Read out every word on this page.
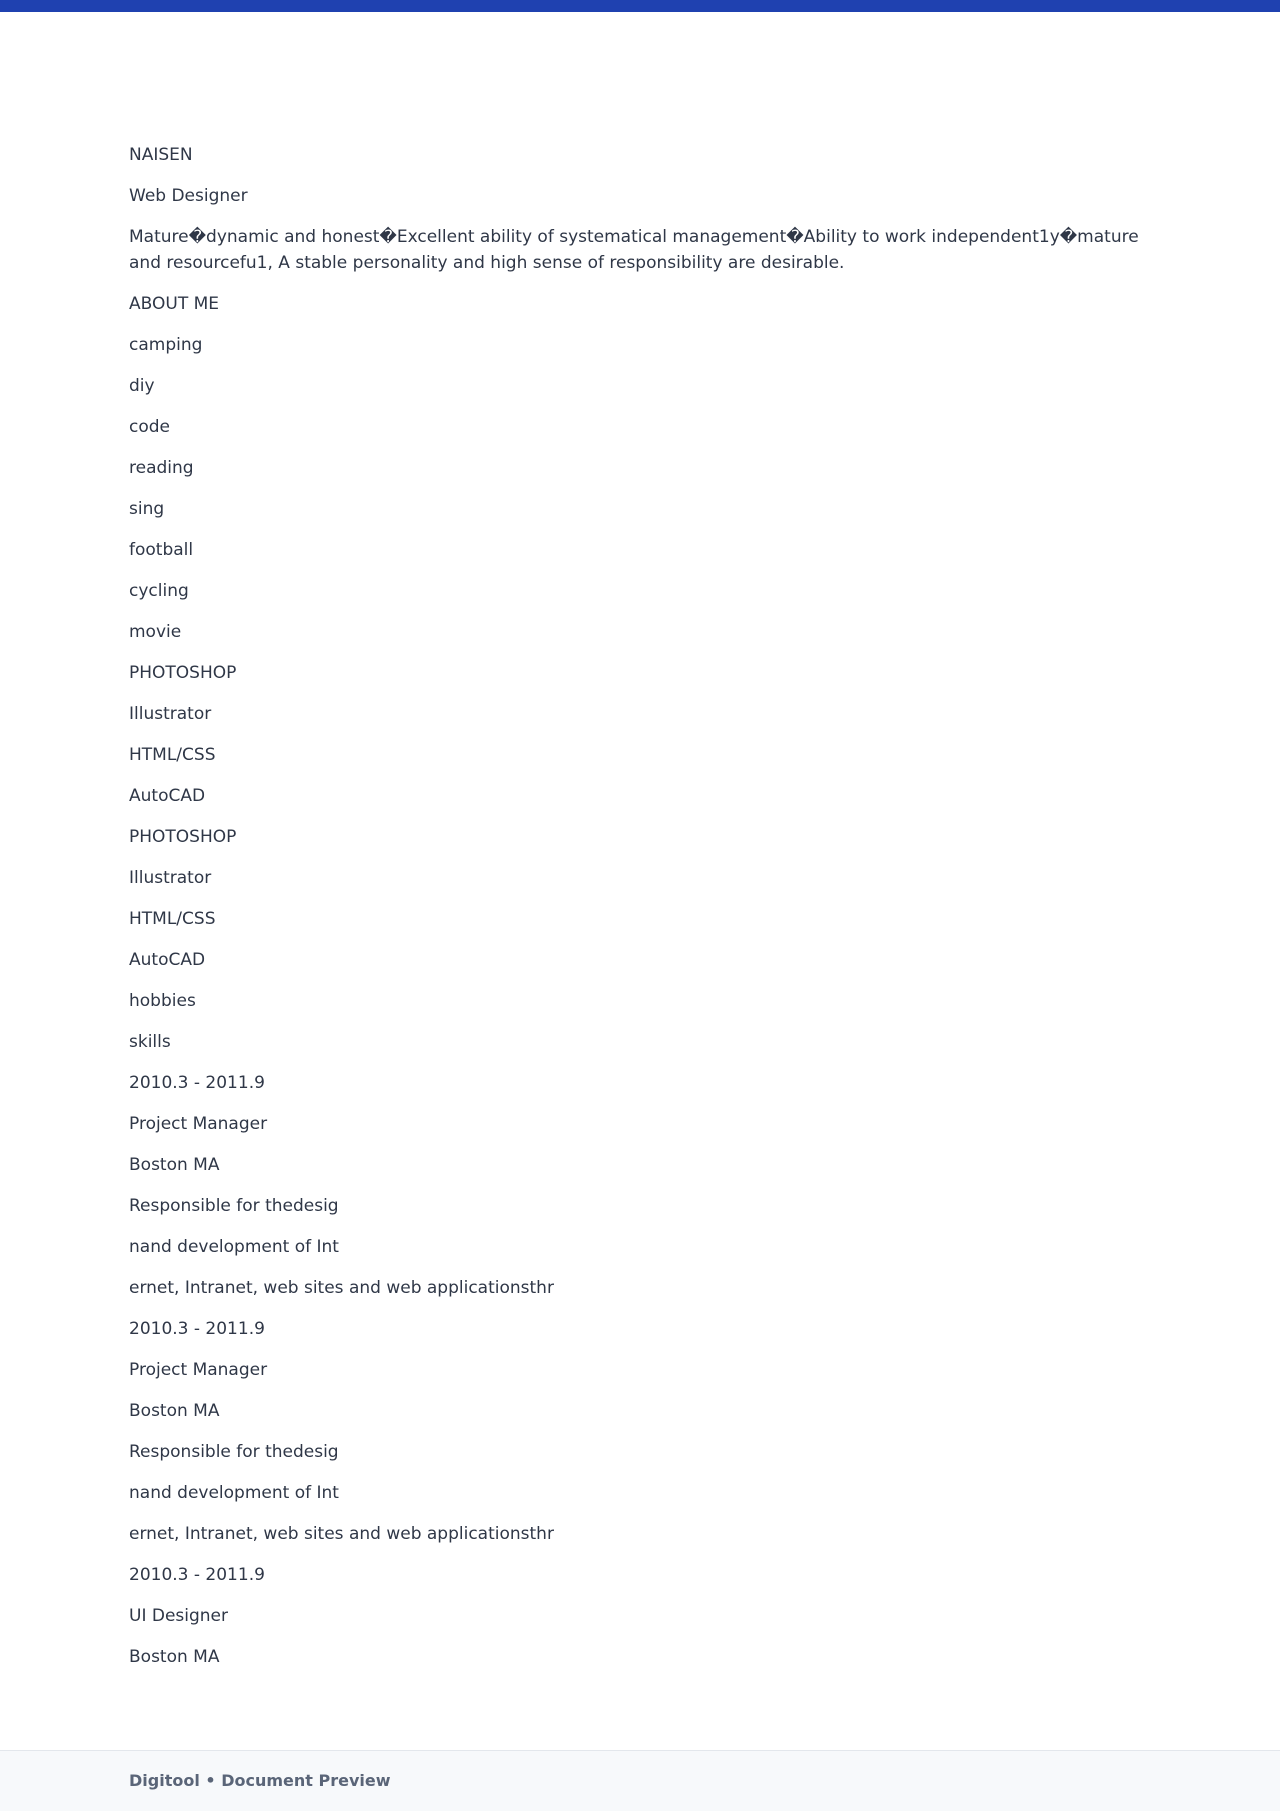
NAISEN
Web Designer
Mature�dynamic and honest�Excellent ability of systematical management�Ability to work independent1y�mature and resourcefu1, A stable personality and high sense of responsibility are desirable.
ABOUT ME
camping
diy
code
reading
sing
football
cycling
movie
PHOTOSHOP
Illustrator
HTML/CSS
AutoCAD
PHOTOSHOP
Illustrator
HTML/CSS
AutoCAD
hobbies
skills
2010.3 - 2011.9
Project Manager
Boston MA
Responsible for thedesig
nand development of Int
ernet, Intranet, web sites and web applicationsthr
2010.3 - 2011.9
Project Manager
Boston MA
Responsible for thedesig
nand development of Int
ernet, Intranet, web sites and web applicationsthr
2010.3 - 2011.9
UI Designer
Boston MA
Digitool • Document Preview
